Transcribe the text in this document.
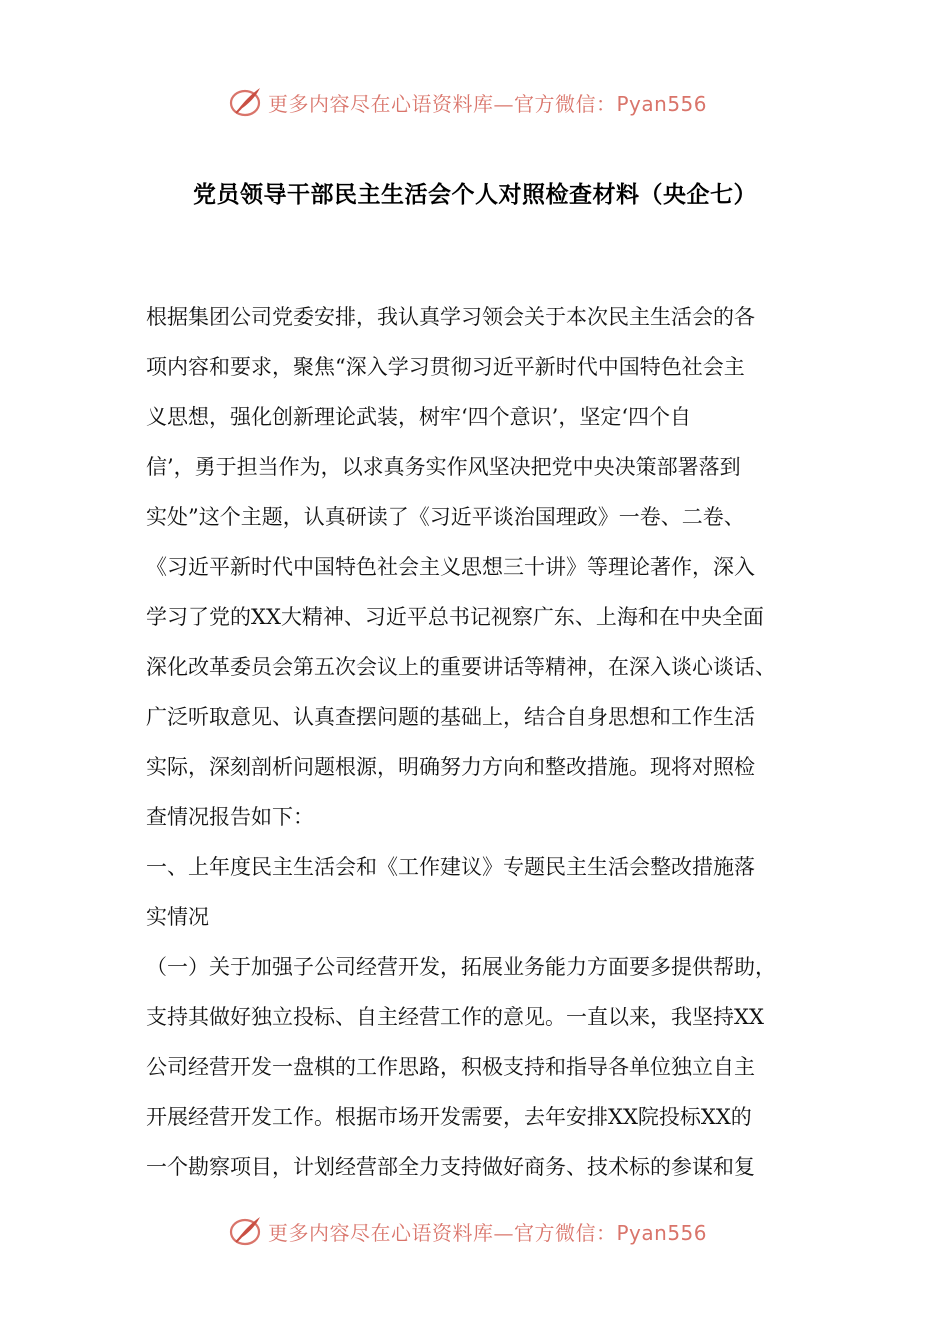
更多内容尽在心语资料库—官方微信：Pyan556
党员领导干部民主生活会个人对照检查材料（央企七）
根据集团公司党委安排，我认真学习领会关于本次民主生活会的各
项内容和要求，聚焦“深入学习贯彻习近平新时代中国特色社会主
义思想，强化创新理论武装，树牢‘四个意识’，坚定‘四个自
信’，勇于担当作为，以求真务实作风坚决把党中央决策部署落到
实处”这个主题，认真研读了《习近平谈治国理政》一卷、二卷、
《习近平新时代中国特色社会主义思想三十讲》等理论著作，深入
学习了党的XX大精神、习近平总书记视察广东、上海和在中央全面
深化改革委员会第五次会议上的重要讲话等精神，在深入谈心谈话、
广泛听取意见、认真查摆问题的基础上，结合自身思想和工作生活
实际，深刻剖析问题根源，明确努力方向和整改措施。现将对照检
查情况报告如下：
一、上年度民主生活会和《工作建议》专题民主生活会整改措施落
实情况
（一）关于加强子公司经营开发，拓展业务能力方面要多提供帮助，
支持其做好独立投标、自主经营工作的意见。一直以来，我坚持XX
公司经营开发一盘棋的工作思路，积极支持和指导各单位独立自主
开展经营开发工作。根据市场开发需要，去年安排XX院投标XX的
一个勘察项目，计划经营部全力支持做好商务、技术标的参谋和复
更多内容尽在心语资料库—官方微信：Pyan556
